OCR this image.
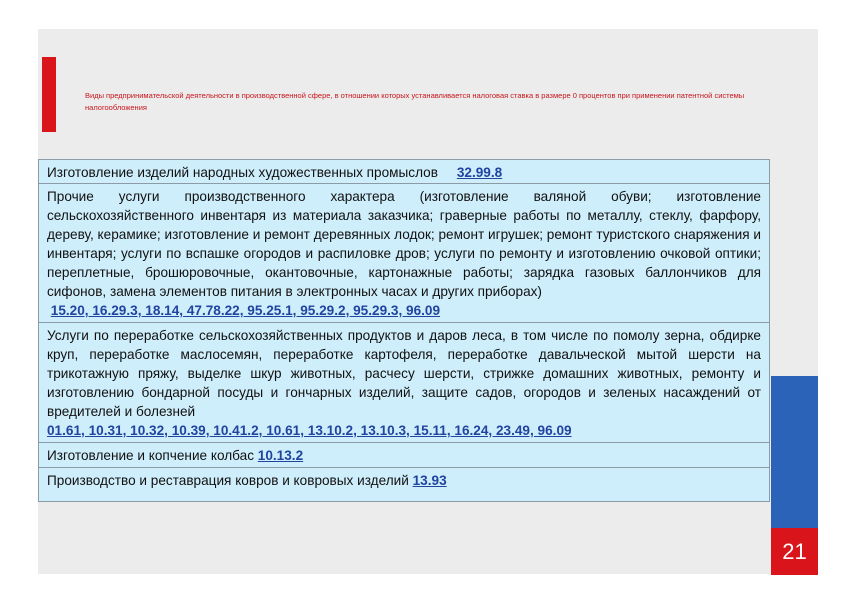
Виды предпринимательской деятельности в производственной сфере, в отношении которых устанавливается налоговая ставка в размере 0 процентов при применении патентной системы налогообложения
Изготовление изделий народных художественных промыслов 32.99.8
Прочие услуги производственного характера (изготовление валяной обуви; изготовление сельскохозяйственного инвентаря из материала заказчика; граверные работы по металлу, стеклу, фарфору, дереву, керамике; изготовление и ремонт деревянных лодок; ремонт игрушек; ремонт туристского снаряжения и инвентаря; услуги по вспашке огородов и распиловке дров; услуги по ремонту и изготовлению очковой оптики; переплетные, брошюровочные, окантовочные, картонажные работы; зарядка газовых баллончиков для сифонов, замена элементов питания в электронных часах и других приборах)
15.20, 16.29.3, 18.14, 47.78.22, 95.25.1, 95.29.2, 95.29.3, 96.09
Услуги по переработке сельскохозяйственных продуктов и даров леса, в том числе по помолу зерна, обдирке круп, переработке маслосемян, переработке картофеля, переработке давальческой мытой шерсти на трикотажную пряжу, выделке шкур животных, расчесу шерсти, стрижке домашних животных, ремонту и изготовлению бондарной посуды и гончарных изделий, защите садов, огородов и зеленых насаждений от вредителей и болезней
01.61, 10.31, 10.32, 10.39, 10.41.2, 10.61, 13.10.2, 13.10.3, 15.11, 16.24, 23.49, 96.09
Изготовление и копчение колбас 10.13.2
Производство и реставрация ковров и ковровых изделий 13.93
21
